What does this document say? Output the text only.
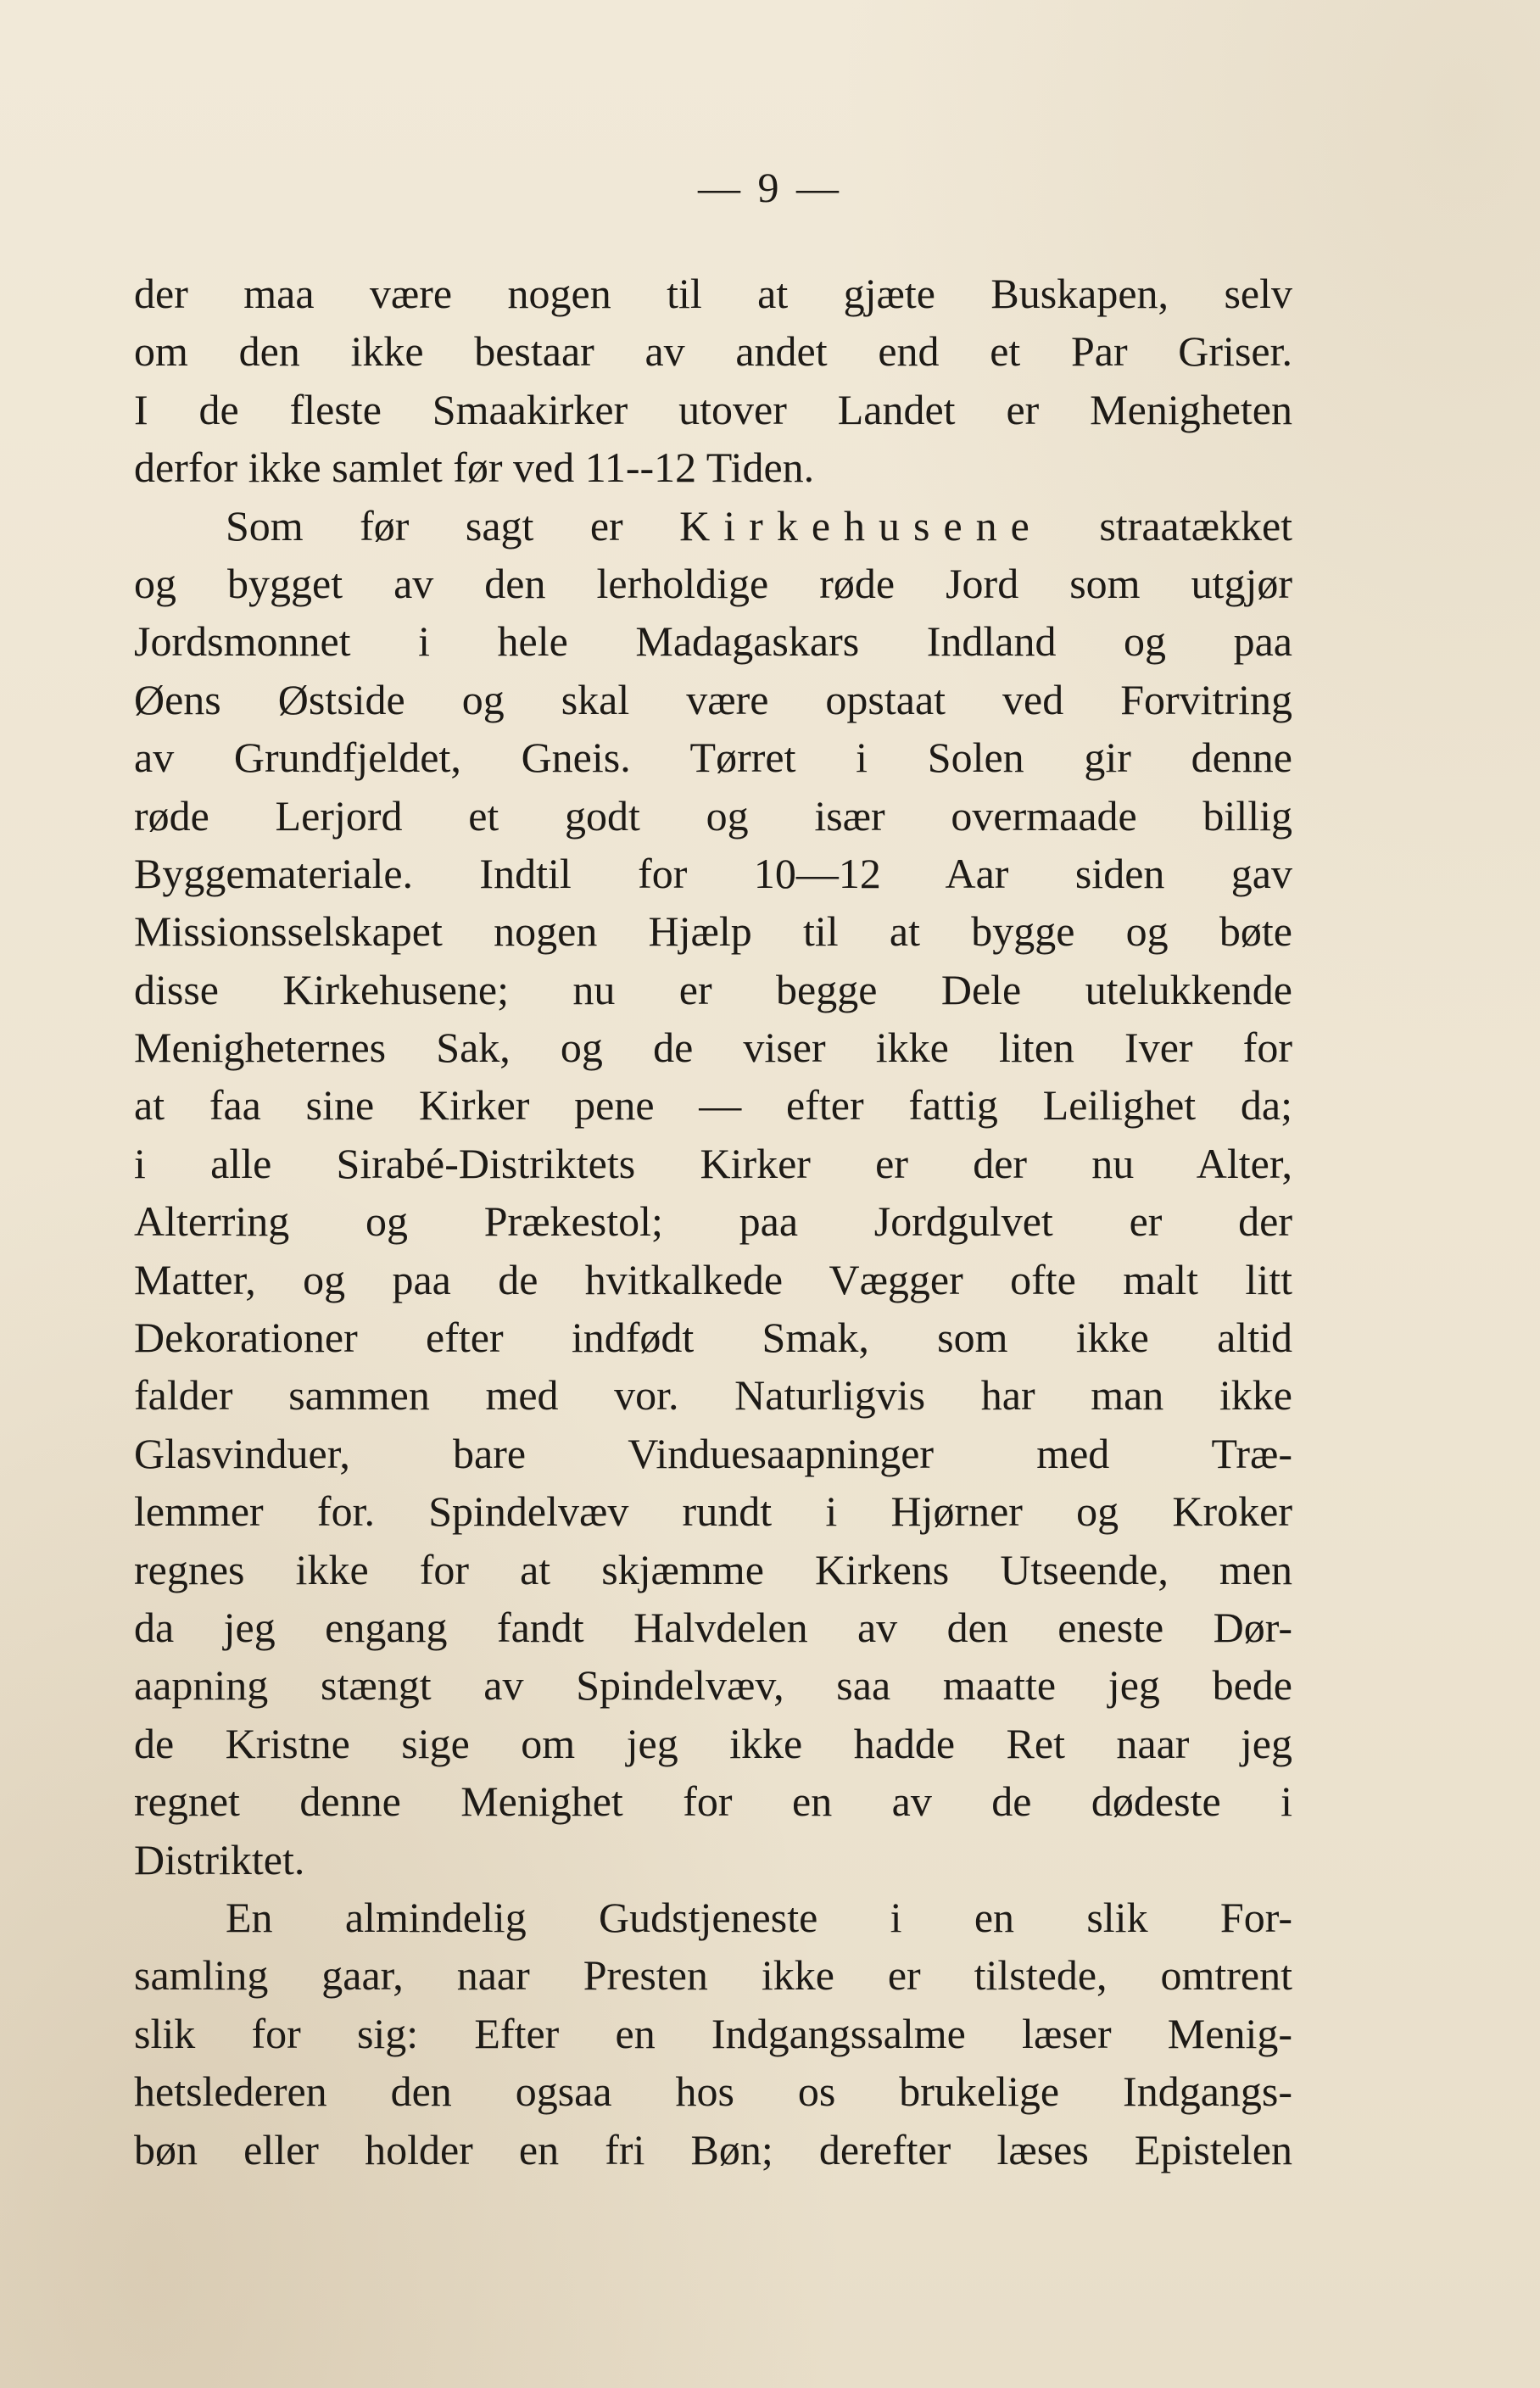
— 9 —
der maa være nogen til at gjæte Buskapen, selv
om den ikke bestaar av andet end et Par Griser.
I de fleste Smaakirker utover Landet er Menigheten
derfor ikke samlet før ved 11--12 Tiden.
Som før sagt er Kirkehusene straatækket
og bygget av den lerholdige røde Jord som utgjør
Jordsmonnet i hele Madagaskars Indland og paa
Øens Østside og skal være opstaat ved Forvitring
av Grundfjeldet, Gneis. Tørret i Solen gir denne
røde Lerjord et godt og især overmaade billig
Byggemateriale. Indtil for 10—12 Aar siden gav
Missionsselskapet nogen Hjælp til at bygge og bøte
disse Kirkehusene; nu er begge Dele utelukkende
Menigheternes Sak, og de viser ikke liten Iver for
at faa sine Kirker pene — efter fattig Leilighet da;
i alle Sirabé-Distriktets Kirker er der nu Alter,
Alterring og Prækestol; paa Jordgulvet er der
Matter, og paa de hvitkalkede Vægger ofte malt litt
Dekorationer efter indfødt Smak, som ikke altid
falder sammen med vor. Naturligvis har man ikke
Glasvinduer, bare Vinduesaapninger med Træ-
lemmer for. Spindelvæv rundt i Hjørner og Kroker
regnes ikke for at skjæmme Kirkens Utseende, men
da jeg engang fandt Halvdelen av den eneste Dør-
aapning stængt av Spindelvæv, saa maatte jeg bede
de Kristne sige om jeg ikke hadde Ret naar jeg
regnet denne Menighet for en av de dødeste i
Distriktet.
En almindelig Gudstjeneste i en slik For-
samling gaar, naar Presten ikke er tilstede, omtrent
slik for sig: Efter en Indgangssalme læser Menig-
hetslederen den ogsaa hos os brukelige Indgangs-
bøn eller holder en fri Bøn; derefter læses Epistelen
